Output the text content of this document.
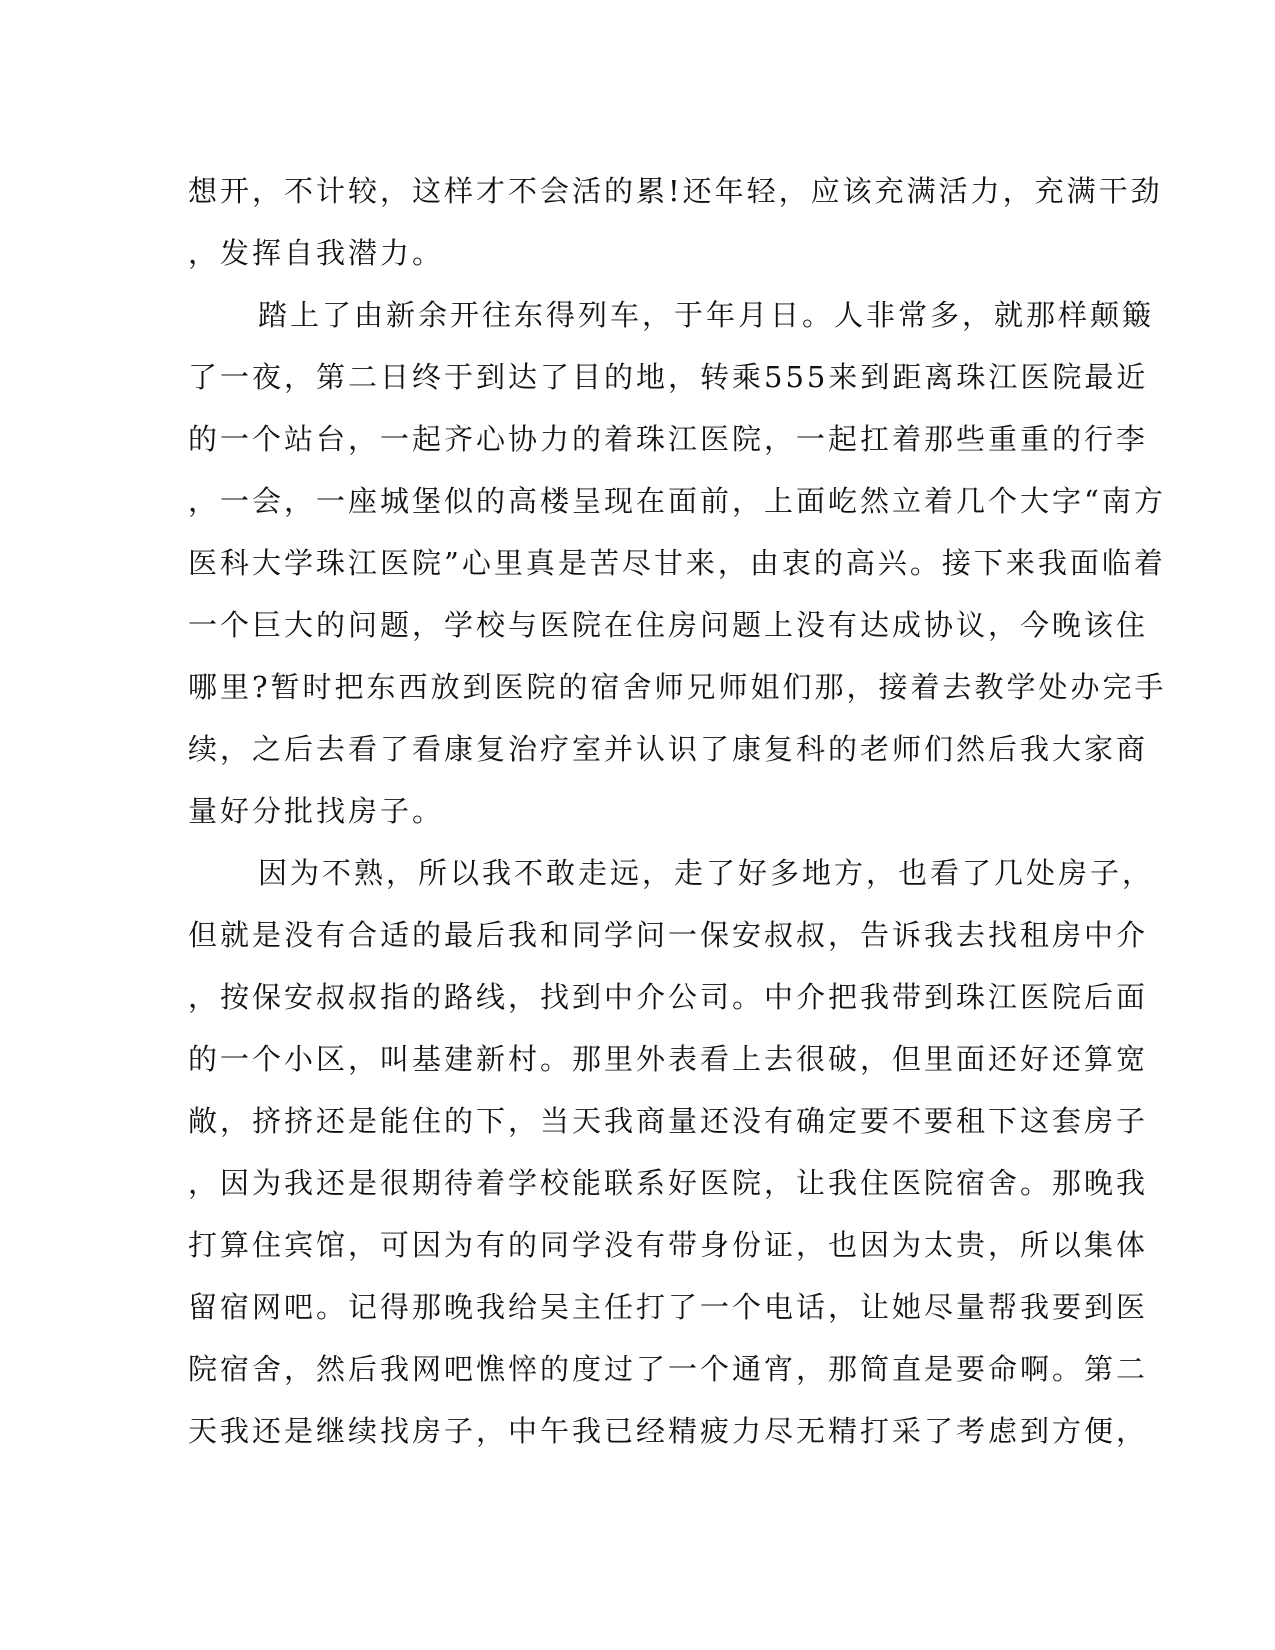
想开，不计较，这样才不会活的累!还年轻，应该充满活力，充满干劲
，发挥自我潜力。
踏上了由新余开往东得列车，于年月日。人非常多，就那样颠簸
了一夜，第二日终于到达了目的地，转乘555来到距离珠江医院最近
的一个站台，一起齐心协力的着珠江医院，一起扛着那些重重的行李
，一会，一座城堡似的高楼呈现在面前，上面屹然立着几个大字“南方
医科大学珠江医院”心里真是苦尽甘来，由衷的高兴。接下来我面临着
一个巨大的问题，学校与医院在住房问题上没有达成协议，今晚该住
哪里?暂时把东西放到医院的宿舍师兄师姐们那，接着去教学处办完手
续，之后去看了看康复治疗室并认识了康复科的老师们然后我大家商
量好分批找房子。
因为不熟，所以我不敢走远，走了好多地方，也看了几处房子，
但就是没有合适的最后我和同学问一保安叔叔，告诉我去找租房中介
，按保安叔叔指的路线，找到中介公司。中介把我带到珠江医院后面
的一个小区，叫基建新村。那里外表看上去很破，但里面还好还算宽
敞，挤挤还是能住的下，当天我商量还没有确定要不要租下这套房子
，因为我还是很期待着学校能联系好医院，让我住医院宿舍。那晚我
打算住宾馆，可因为有的同学没有带身份证，也因为太贵，所以集体
留宿网吧。记得那晚我给吴主任打了一个电话，让她尽量帮我要到医
院宿舍，然后我网吧憔悴的度过了一个通宵，那简直是要命啊。第二
天我还是继续找房子，中午我已经精疲力尽无精打采了考虑到方便，
